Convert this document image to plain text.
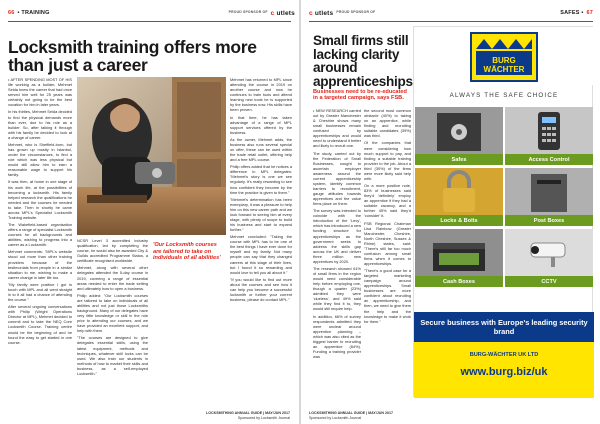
66 • TRAINING	PROUD SPONSOR OF c utlets
Locksmith training offers more than just a career

• AFTER SPENDING MOST OF HIS life working as a builder, Mehmet Selda knew the career that had once served him well for 25 years was certainly not going to be the best vocation for him in later years.

In his thirties, Mehmet Selda decided to find the physical demands more than ever, due to his role as a builder. So, after talking it through with his family he decided to look at a change of career.

Mehmet, who is Sheffield-born, but has grown up mostly in Istanbul, under the circumstances, to find a role which was less physical but would still allow him to earn a reasonable wage to support his family.

It was then, at home in one stage of his work life, at the possibilities of becoming a locksmith. His family helped research the qualifications he needed and the courses he needed to take. Then in shortly he came across MPL's Specialist Locksmith Training website.

The Wakefield-based organisation offers a range of specialist Locksmith courses for all backgrounds and abilities, wishing to progress into a career as a Locksmith.

Mehmet comments: "MPL's website stood out more than other training providers because of the testimonials from people in a similar situation to me, wishing to make a career change in later life too.

"My family were positive I got in touch with MPL and all went straight in to it all had a chance of attending the course."

After several ongoing conversations with Philip (Wright Operations Director at MPL), Mehmet decided to commit and to take the NEQ Core Locksmith Course. Training centre would be the beginning of and he found the easy to get started in one course.

NCSR Level 3 accredited industry qualification, led by completing the course, he would also be awarded City & Guilds accredited Programme Status, a certificate recognised worldwide.

Mehmet, along with several other delegates attended the 5-day course in 2019, covering a range of essential areas needed to enter the trade setting and ultimately how to open a business.

Philip added: "Our Locksmith courses are tailored to take on individuals of all abilities and not just those Locksmiths background. Many of our delegates have very little knowledge or skill in the role prior to attending our courses, and we have provided an excellent support, and help with them.

"The courses are designed to give delegates essential skills, using the latest equipment, methods and techniques, whatever skill locks can be used. We also train our students in methods of how to market their skills and business, as a self-employed Locksmith."

'Our Locksmith courses are tailored to take on individuals of all abilities'

Mehmet has returned to MPL since attending the course in 2019 on another course and now he continues to train tools and attend learning new tools he is supported by the business now. His skills have been proven.

In that time, he has taken advantage of a range of MPL support services offered by the business.

As the owner, Mehmet adds, the business also runs several special on offer, these can be used within the trade retail outlet, offering help and a free MPL course.

Philip offers added that he notices a difference in MPL delegates: "Mehmet's story is one we see regularly. It's really rewarding to see how confident they become by the time the practice is given to them."

"Mehmet's determination has been exemplary, it was a pleasure to help him on this new career path and we look forward to seeing him at every stage, with plenty of scope to build his business and start to expand further."

Mehmet concluded: "Taking the course with MPL has to be one of the best things I have ever done for myself and my family. Not many people can say that they changed careers at this stage of their lives, but I found it so rewarding and would love to tell you all about it."

"If you would like to find out more about the courses and see how it can help you become a successful locksmith or further your current business, please do contact MPL."

LOCKSMITHING ANNUAL GUIDE | MAY/JUN 2017
Sponsored by Locksmith Journal
c utlets PROUD SPONSOR OF	SAFES • 67
Small firms still lacking clarity around apprenticeships
Businesses need to be re-educated in a targeted campaign, says FSB.

• NEW RESEARCH carried out by Greater Manchester & Cheshire shows many small businesses remain confused by apprenticeships and would need to understand it better and likely to recruit one.

The study, carried out by the Federation of Small Businesses, sought to ascertain employer awareness around the current apprenticeship system, identify common barriers to recruitment, gauge attitudes towards apprentices and the value firms place on them.

The survey was intended to coincide with the introduction of the 'Levy', which has introduced a new funding structure for apprenticeships as the government seeks to address the skills gap across the UK and deliver three million new apprentices by 2020.

The research showed 61% of small firms in the region would need considerable help before employing one, though a quarter (23%) admitted they were 'clueless', and 49% said while they find it to, they would still require help.

In addition, 66% of survey respondents admitted they were unclear around apprentice planning – which was also cited as the biggest barrier to recruiting an apprentice (64%). Funding a training provider was

the second most common obstacle (40%) to taking on an apprentice, while finding and recruiting suitable candidates (39%) was third.

Of the companies that were considering how much support to pay, and finding a suitable training provider to the job. About a third (30%) of the firms were more likely said help with.

On a more positive note, 83% of businesses said they'd 'definitely' employ an apprentice if they had a suitable vacancy, and a further 45% said they'd 'consider' it.

FSB Regional Chairman Lisa Rainbow (Greater Manchester, Cheshire, North Cheshire, Sussex & Rhine) states, said: "There's still far too much confusion among small firms when it comes to apprenticeships.

"There's a good case for a targeted marketing campaign around apprenticeships. Small businesses are more confident about recruiting an apprenticeship, and then, we need to give them the help and the knowledge to make it work for them."

LOCKSMITHING ANNUAL GUIDE | MAY/JUN 2017
Sponsored by Locksmith Journal
BURG
WÄCHTER
ALWAYS THE SAFE CHOICE
Safes	Access Control
Locks & Bolts	Post Boxes
Cash Boxes	CCTV
Secure business with Europe's leading security brand
BURG-WÄCHTER UK LTD
www.burg.biz/uk
